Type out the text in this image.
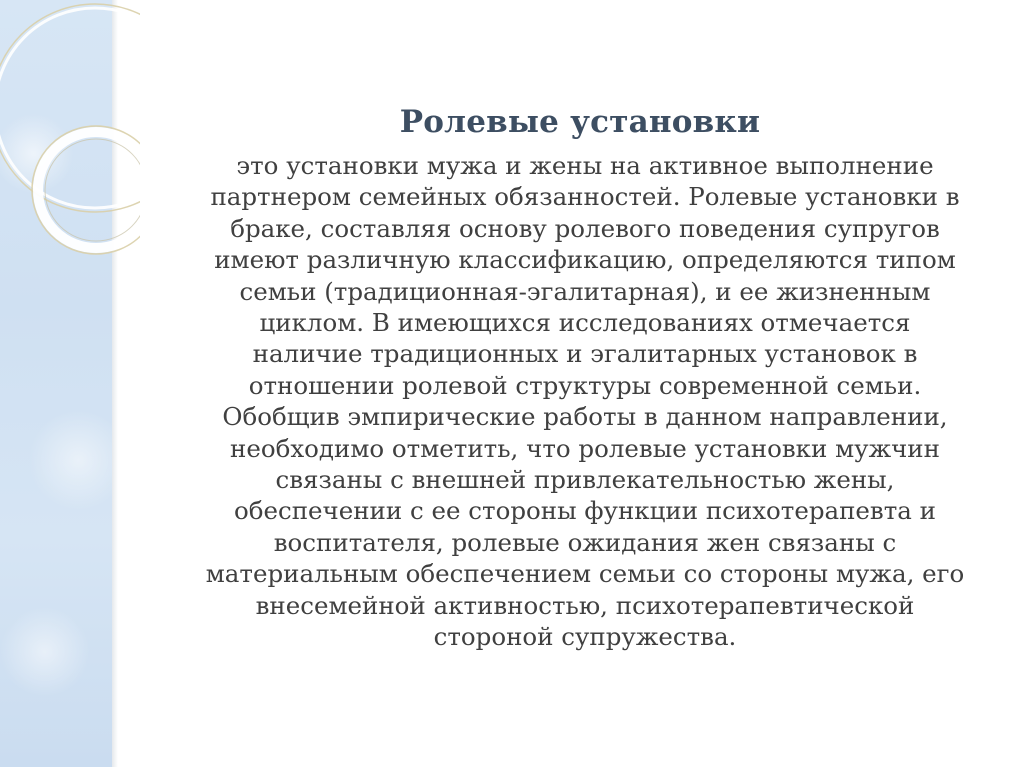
Ролевые установки
это установки мужа и жены на активное выполнение
партнером семейных обязанностей. Ролевые установки в
браке, составляя основу ролевого поведения супругов
имеют различную классификацию, определяются типом
семьи (традиционная-эгалитарная), и ее жизненным
циклом. В имеющихся исследованиях отмечается
наличие традиционных и эгалитарных установок в
отношении ролевой структуры современной семьи.
Обобщив эмпирические работы в данном направлении,
необходимо отметить, что ролевые установки мужчин
связаны с внешней привлекательностью жены,
обеспечении с ее стороны функции психотерапевта и
воспитателя, ролевые ожидания жен связаны с
материальным обеспечением семьи со стороны мужа, его
внесемейной активностью, психотерапевтической
стороной супружества.
